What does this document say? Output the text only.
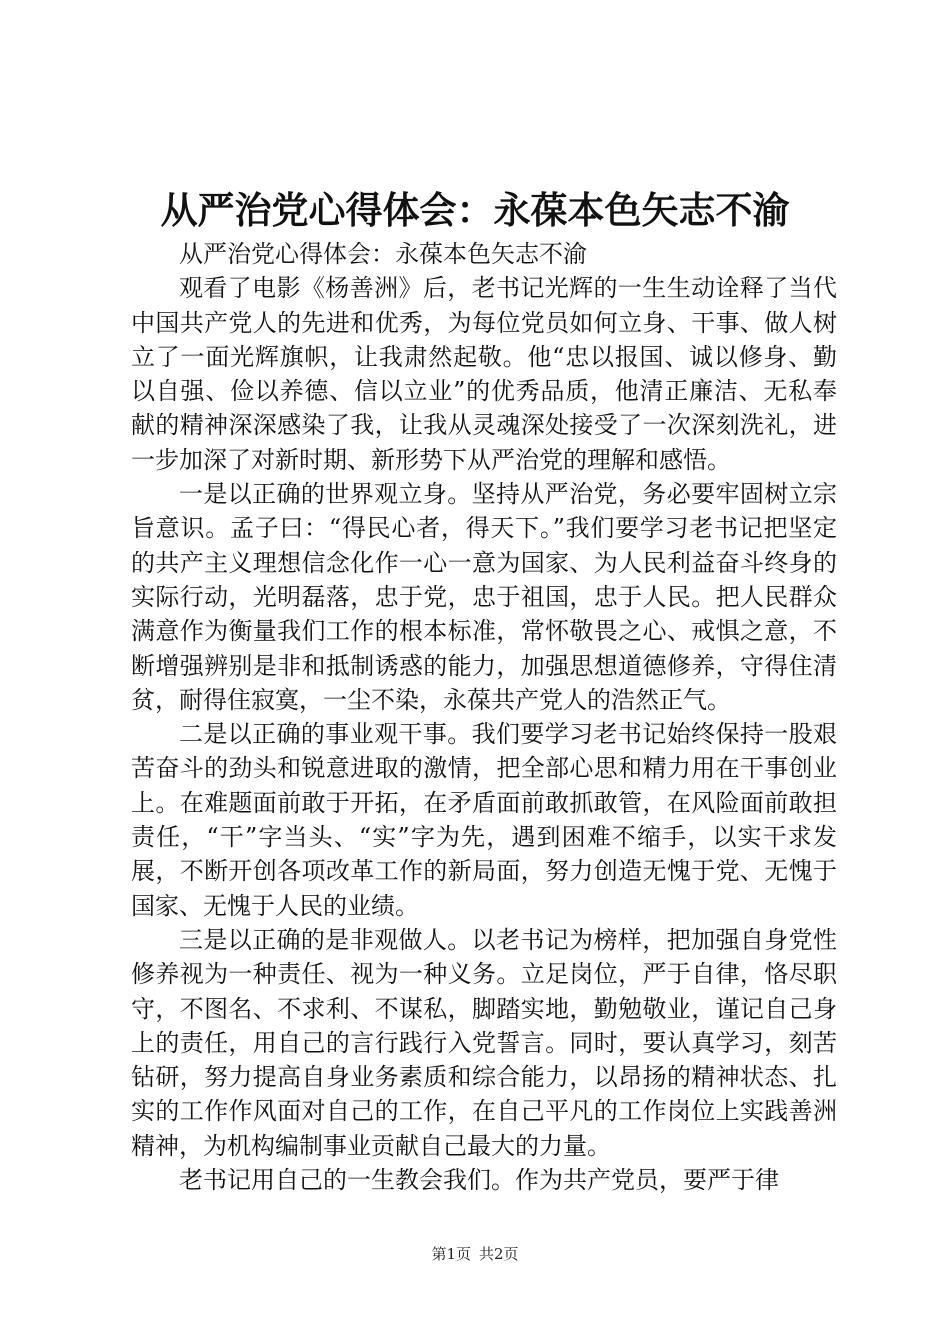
从严治党心得体会：永葆本色矢志不渝

从严治党心得体会：永葆本色矢志不渝

观看了电影《杨善洲》后，老书记光辉的一生生动诠释了当代中国共产党人的先进和优秀，为每位党员如何立身、干事、做人树立了一面光辉旗帜，让我肃然起敬。他“忠以报国、诚以修身、勤以自强、俭以养德、信以立业”的优秀品质，他清正廉洁、无私奉献的精神深深感染了我，让我从灵魂深处接受了一次深刻洗礼，进一步加深了对新时期、新形势下从严治党的理解和感悟。

一是以正确的世界观立身。坚持从严治党，务必要牢固树立宗旨意识。孟子曰：“得民心者，得天下。”我们要学习老书记把坚定的共产主义理想信念化作一心一意为国家、为人民利益奋斗终身的实际行动，光明磊落，忠于党，忠于祖国，忠于人民。把人民群众满意作为衡量我们工作的根本标准，常怀敬畏之心、戒惧之意，不断增强辨别是非和抵制诱惑的能力，加强思想道德修养，守得住清贫，耐得住寂寞，一尘不染，永葆共产党人的浩然正气。

二是以正确的事业观干事。我们要学习老书记始终保持一股艰苦奋斗的劲头和锐意进取的激情，把全部心思和精力用在干事创业上。在难题面前敢于开拓，在矛盾面前敢抓敢管，在风险面前敢担责任，“干”字当头、“实”字为先，遇到困难不缩手，以实干求发展，不断开创各项改革工作的新局面，努力创造无愧于党、无愧于国家、无愧于人民的业绩。

三是以正确的是非观做人。以老书记为榜样，把加强自身党性修养视为一种责任、视为一种义务。立足岗位，严于自律，恪尽职守，不图名、不求利、不谋私，脚踏实地，勤勉敬业，谨记自己身上的责任，用自己的言行践行入党誓言。同时，要认真学习，刻苦钻研，努力提高自身业务素质和综合能力，以昂扬的精神状态、扎实的工作作风面对自己的工作，在自己平凡的工作岗位上实践善洲精神，为机构编制事业贡献自己最大的力量。

老书记用自己的一生教会我们。作为共产党员，要严于律

第1页 共2页
